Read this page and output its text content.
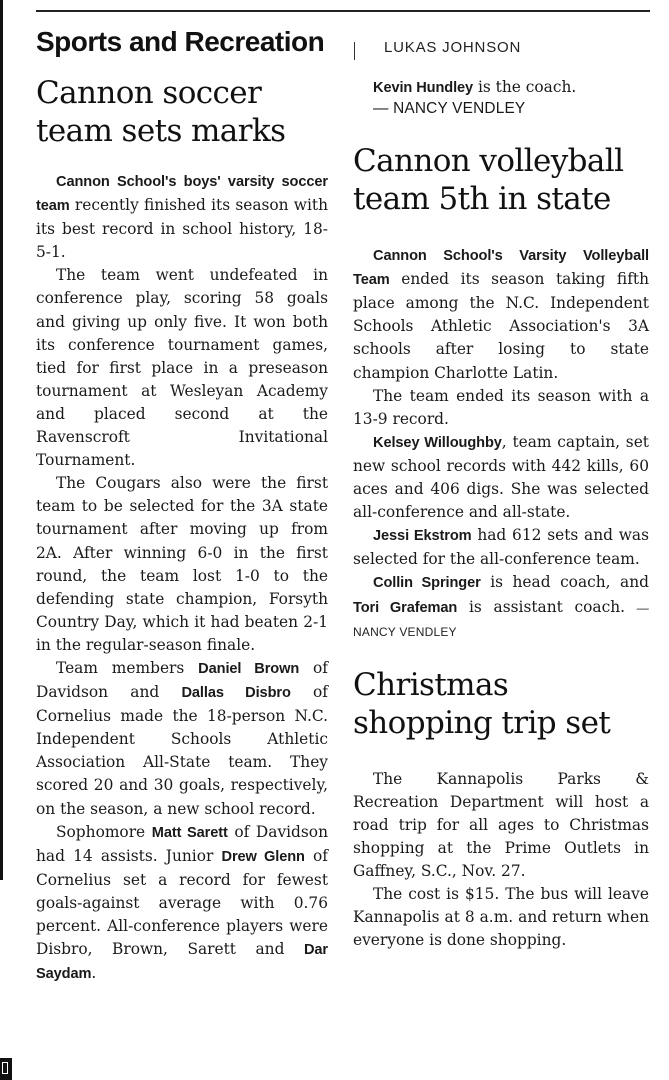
Sports and Recreation	LUKAS JOHNSON
Cannon soccer
team sets marks

Cannon School's boys' varsity soccer team recently finished its season with its best record in school history, 18-5-1.

The team went undefeated in conference play, scoring 58 goals and giving up only five. It won both its conference tournament games, tied for first place in a preseason tournament at Wesleyan Academy and placed second at the Ravenscroft Invitational Tournament.

The Cougars also were the first team to be selected for the 3A state tournament after moving up from 2A. After winning 6-0 in the first round, the team lost 1-0 to the defending state champion, Forsyth Country Day, which it had beaten 2-1 in the regular-season finale.

Team members Daniel Brown of Davidson and Dallas Disbro of Cornelius made the 18-person N.C. Independent Schools Athletic Association All-State team. They scored 20 and 30 goals, respectively, on the season, a new school record.

Sophomore Matt Sarett of Davidson had 14 assists. Junior Drew Glenn of Cornelius set a record for fewest goals-against average with 0.76 percent. All-conference players were Disbro, Brown, Sarett and Dar Saydam.

Kevin Hundley is the coach.

— NANCY VENDLEY

Cannon volleyball
team 5th in state

Cannon School's Varsity Volleyball Team ended its season taking fifth place among the N.C. Independent Schools Athletic Association's 3A schools after losing to state champion Charlotte Latin.

The team ended its season with a 13-9 record.

Kelsey Willoughby, team captain, set new school records with 442 kills, 60 aces and 406 digs. She was selected all-conference and all-state.

Jessi Ekstrom had 612 sets and was selected for the all-conference team.

Collin Springer is head coach, and Tori Grafeman is assistant coach. — NANCY VENDLEY

Christmas
shopping trip set

The Kannapolis Parks & Recreation Department will host a road trip for all ages to Christmas shopping at the Prime Outlets in Gaffney, S.C., Nov. 27.

The cost is $15. The bus will leave Kannapolis at 8 a.m. and return when everyone is done shopping.
